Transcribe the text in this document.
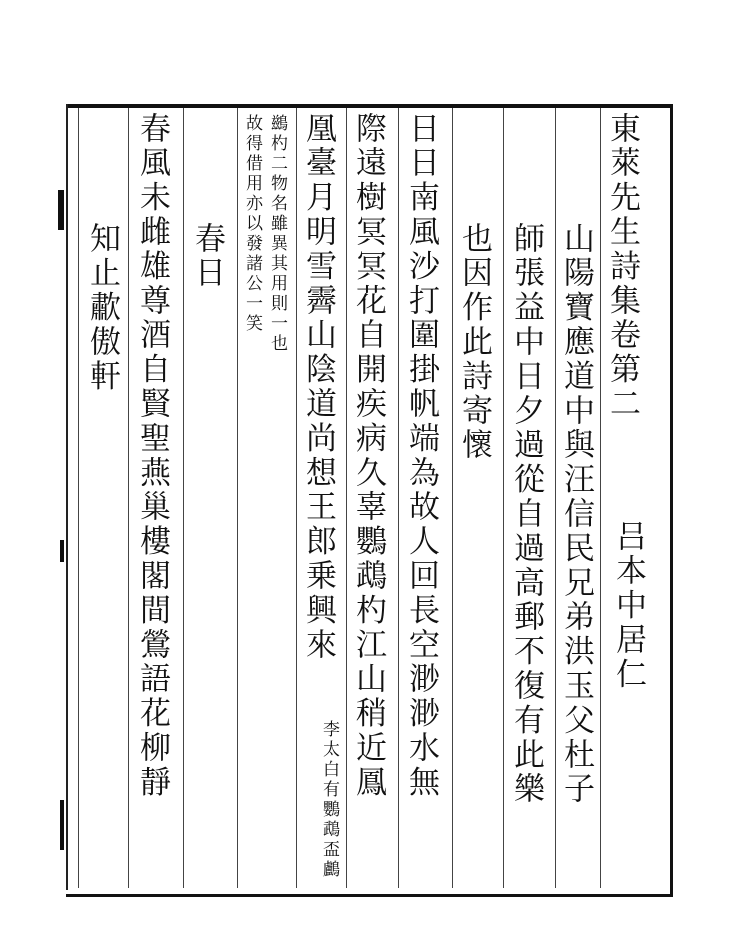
東萊先生詩集卷第二
吕本中居仁
山陽寶應道中與汪信民兄弟洪玉父杜子
師張益中日夕過從自過高郵不復有此樂
也因作此詩寄懷
日日南風沙打圍掛帆端為故人回長空渺渺水無
際遠樹冥冥花自開疾病久辜鸚鵡杓江山稍近鳳
凰臺月明雪霽山陰道尚想王郎乗興來
李太白有鸚鵡盃鸕
鷀杓二物名雖異其用則一也
故得借用亦以發諸公一笑
春日
春風未雌雄尊酒自賢聖燕巢樓閣間鶯語花柳靜
知止歗傲軒
